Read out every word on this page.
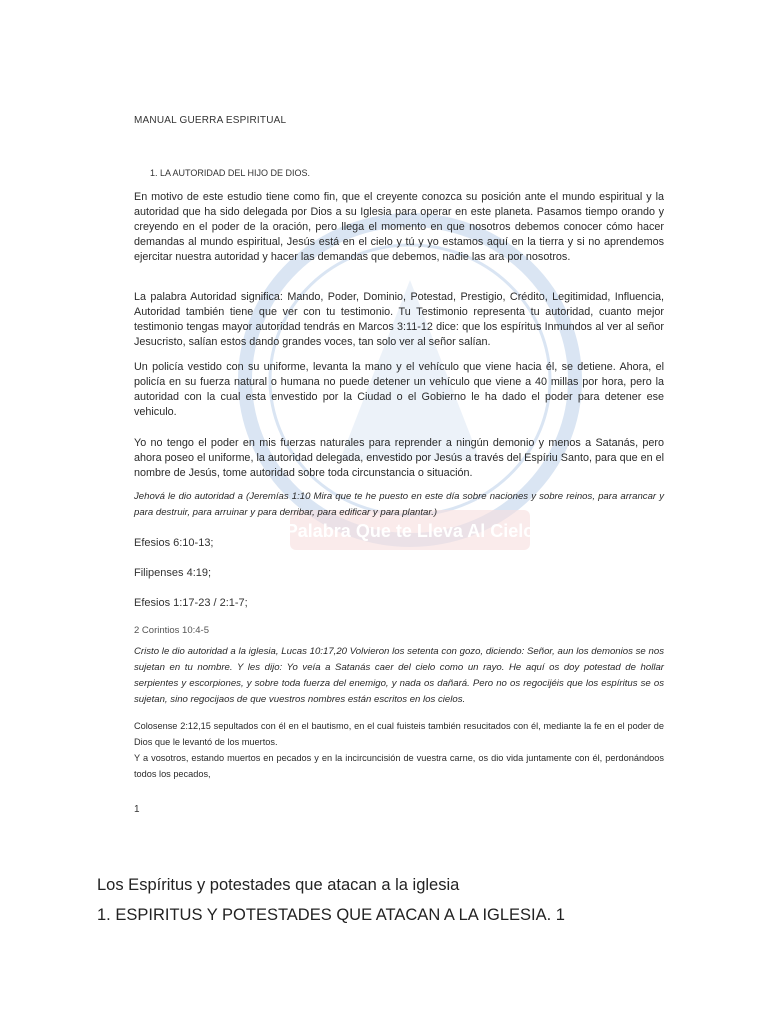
Palabra Que te Lleva Al Cielo
MANUAL GUERRA ESPIRITUAL
1. LA AUTORIDAD DEL HIJO DE DIOS.
En motivo de este estudio tiene como fin, que el creyente conozca su posición ante el mundo espiritual y la autoridad que ha sido delegada por Dios a su Iglesia para operar en este planeta. Pasamos tiempo orando y creyendo en el poder de la oración, pero llega el momento en que nosotros debemos conocer cómo hacer demandas al mundo espiritual, Jesús está en el cielo y tú y yo estamos aquí en la tierra y si no aprendemos ejercitar nuestra autoridad y hacer las demandas que debemos, nadie las ara por nosotros.
La palabra Autoridad significa: Mando, Poder, Dominio, Potestad, Prestigio, Crédito, Legitimidad, Influencia, Autoridad también tiene que ver con tu testimonio. Tu Testimonio representa tu autoridad, cuanto mejor testimonio tengas mayor autoridad tendrás en Marcos 3:11-12 dice: que los espíritus Inmundos al ver al señor Jesucristo, salían estos dando grandes voces, tan solo ver al señor salían.
Un policía vestido con su uniforme, levanta la mano y el vehículo que viene hacia él, se detiene. Ahora, el policía en su fuerza natural o humana no puede detener un vehículo que viene a 40 millas por hora, pero la autoridad con la cual esta envestido por la Ciudad o el Gobierno le ha dado el poder para detener ese vehiculo.
Yo no tengo el poder en mis fuerzas naturales para reprender a ningún demonio y menos a Satanás, pero ahora poseo el uniforme, la autoridad delegada, envestido por Jesús a través del Espíriu Santo, para que en el nombre de Jesús, tome autoridad sobre toda circunstancia o situación.
Jehová le dio autoridad a (Jeremías 1:10 Mira que te he puesto en este día sobre naciones y sobre reinos, para arrancar y para destruir, para arruinar y para derribar, para edificar y para plantar.)
Efesios 6:10-13;
Filipenses 4:19;
Efesios 1:17-23 / 2:1-7;
2 Corintios 10:4-5
Cristo le dio autoridad a la iglesia, Lucas 10:17,20 Volvieron los setenta con gozo, diciendo: Señor, aun los demonios se nos sujetan en tu nombre. Y les dijo: Yo veía a Satanás caer del cielo como un rayo. He aquí os doy potestad de hollar serpientes y escorpiones, y sobre toda fuerza del enemigo, y nada os dañará. Pero no os regocijéis que los espíritus se os sujetan, sino regocijaos de que vuestros nombres están escritos en los cielos.
Colosense 2:12,15 sepultados con él en el bautismo, en el cual fuisteis también resucitados con él, mediante la fe en el poder de Dios que le levantó de los muertos.
Y a vosotros, estando muertos en pecados y en la incircuncisión de vuestra carne, os dio vida juntamente con él, perdonándoos todos los pecados,
1
Los Espíritus y potestades que atacan a la iglesia
1. ESPIRITUS Y POTESTADES QUE ATACAN A LA IGLESIA. 1
